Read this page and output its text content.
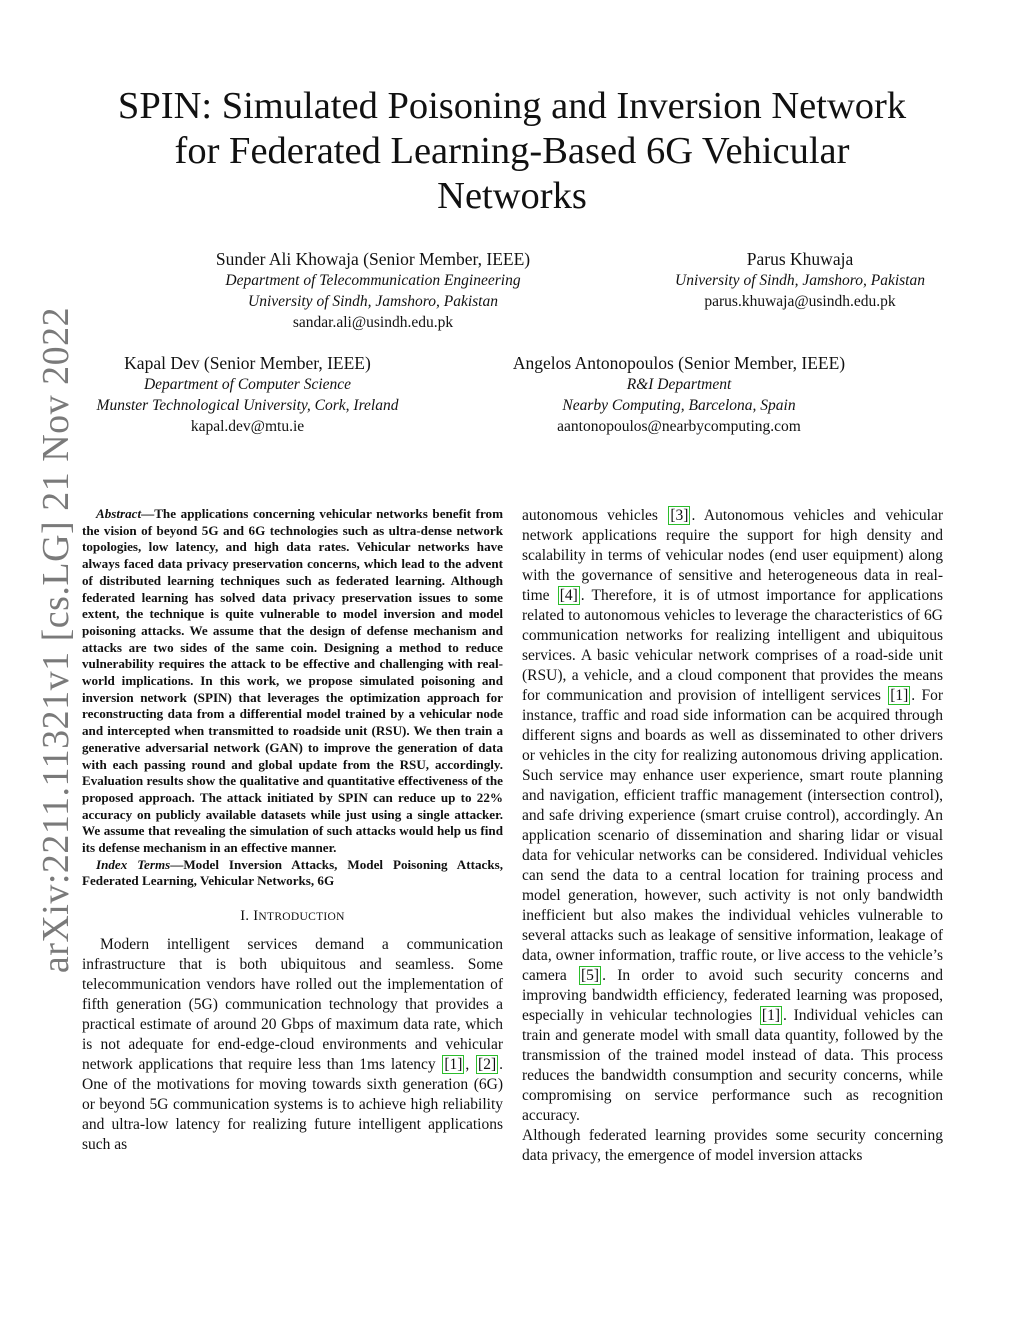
arXiv:2211.11321v1 [cs.LG] 21 Nov 2022
SPIN: Simulated Poisoning and Inversion Network
for Federated Learning-Based 6G Vehicular
Networks
Sunder Ali Khowaja (Senior Member, IEEE)
Department of Telecommunication Engineering
University of Sindh, Jamshoro, Pakistan
sandar.ali@usindh.edu.pk
Parus Khuwaja
University of Sindh, Jamshoro, Pakistan
parus.khuwaja@usindh.edu.pk
Kapal Dev (Senior Member, IEEE)
Department of Computer Science
Munster Technological University, Cork, Ireland
kapal.dev@mtu.ie
Angelos Antonopoulos (Senior Member, IEEE)
R&I Department
Nearby Computing, Barcelona, Spain
aantonopoulos@nearbycomputing.com

Abstract—The applications concerning vehicular networks benefit from the vision of beyond 5G and 6G technologies such as ultra-dense network topologies, low latency, and high data rates. Vehicular networks have always faced data privacy preservation concerns, which lead to the advent of distributed learning techniques such as federated learning. Although federated learning has solved data privacy preservation issues to some extent, the technique is quite vulnerable to model inversion and model poisoning attacks. We assume that the design of defense mechanism and attacks are two sides of the same coin. Designing a method to reduce vulnerability requires the attack to be effective and challenging with real-world implications. In this work, we propose simulated poisoning and inversion network (SPIN) that leverages the optimization approach for reconstructing data from a differential model trained by a vehicular node and intercepted when transmitted to roadside unit (RSU). We then train a generative adversarial network (GAN) to improve the generation of data with each passing round and global update from the RSU, accordingly. Evaluation results show the qualitative and quantitative effectiveness of the proposed approach. The attack initiated by SPIN can reduce up to 22% accuracy on publicly available datasets while just using a single attacker. We assume that revealing the simulation of such attacks would help us find its defense mechanism in an effective manner.

Index Terms—Model Inversion Attacks, Model Poisoning Attacks, Federated Learning, Vehicular Networks, 6G

I. INTRODUCTION

Modern intelligent services demand a communication infrastructure that is both ubiquitous and seamless. Some telecommunication vendors have rolled out the implementation of fifth generation (5G) communication technology that provides a practical estimate of around 20 Gbps of maximum data rate, which is not adequate for end-edge-cloud environments and vehicular network applications that require less than 1ms latency [1] , [2] . One of the motivations for moving towards sixth generation (6G) or beyond 5G communication systems is to achieve high reliability and ultra-low latency for realizing future intelligent applications such as

autonomous vehicles [3] . Autonomous vehicles and vehicular network applications require the support for high density and scalability in terms of vehicular nodes (end user equipment) along with the governance of sensitive and heterogeneous data in real-time [4] . Therefore, it is of utmost importance for applications related to autonomous vehicles to leverage the characteristics of 6G communication networks for realizing intelligent and ubiquitous services. A basic vehicular network comprises of a road-side unit (RSU), a vehicle, and a cloud component that provides the means for communication and provision of intelligent services [1] . For instance, traffic and road side information can be acquired through different signs and boards as well as disseminated to other drivers or vehicles in the city for realizing autonomous driving application. Such service may enhance user experience, smart route planning and navigation, efficient traffic management (intersection control), and safe driving experience (smart cruise control), accordingly. An application scenario of dissemination and sharing lidar or visual data for vehicular networks can be considered. Individual vehicles can send the data to a central location for training process and model generation, however, such activity is not only bandwidth inefficient but also makes the individual vehicles vulnerable to several attacks such as leakage of sensitive information, leakage of data, owner information, traffic route, or live access to the vehicle’s camera [5] . In order to avoid such security concerns and improving bandwidth efficiency, federated learning was proposed, especially in vehicular technologies [1] . Individual vehicles can train and generate model with small data quantity, followed by the transmission of the trained model instead of data. This process reduces the bandwidth consumption and security concerns, while compromising on service performance such as recognition accuracy.

Although federated learning provides some security concerning data privacy, the emergence of model inversion attacks
